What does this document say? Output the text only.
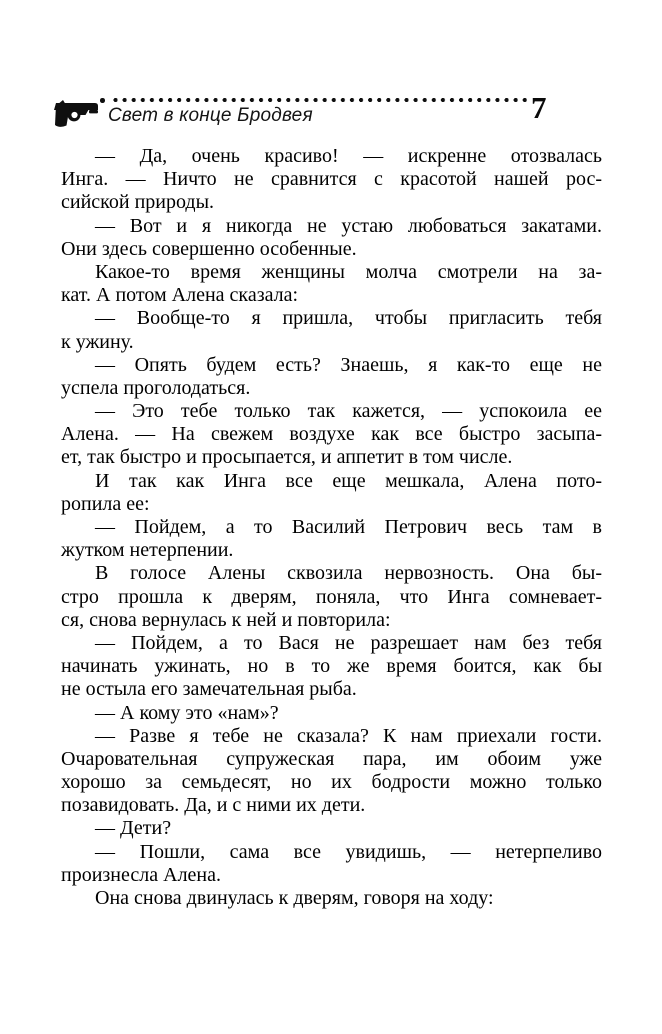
Свет в конце Бродвея	7
— Да, очень красиво! — искренне отозвалась
Инга. — Ничто не сравнится с красотой нашей рос-
сийской природы.
— Вот и я никогда не устаю любоваться закатами.
Они здесь совершенно особенные.
Какое-то время женщины молча смотрели на за-
кат. А потом Алена сказала:
— Вообще-то я пришла, чтобы пригласить тебя
к ужину.
— Опять будем есть? Знаешь, я как-то еще не
успела проголодаться.
— Это тебе только так кажется, — успокоила ее
Алена. — На свежем воздухе как все быстро засыпа-
ет, так быстро и просыпается, и аппетит в том числе.
И так как Инга все еще мешкала, Алена пото-
ропила ее:
— Пойдем, а то Василий Петрович весь там в
жутком нетерпении.
В голосе Алены сквозила нервозность. Она бы-
стро прошла к дверям, поняла, что Инга сомневает-
ся, снова вернулась к ней и повторила:
— Пойдем, а то Вася не разрешает нам без тебя
начинать ужинать, но в то же время боится, как бы
не остыла его замечательная рыба.
— А кому это «нам»?
— Разве я тебе не сказала? К нам приехали гости.
Очаровательная супружеская пара, им обоим уже
хорошо за семьдесят, но их бодрости можно только
позавидовать. Да, и с ними их дети.
— Дети?
— Пошли, сама все увидишь, — нетерпеливо
произнесла Алена.
Она снова двинулась к дверям, говоря на ходу:
